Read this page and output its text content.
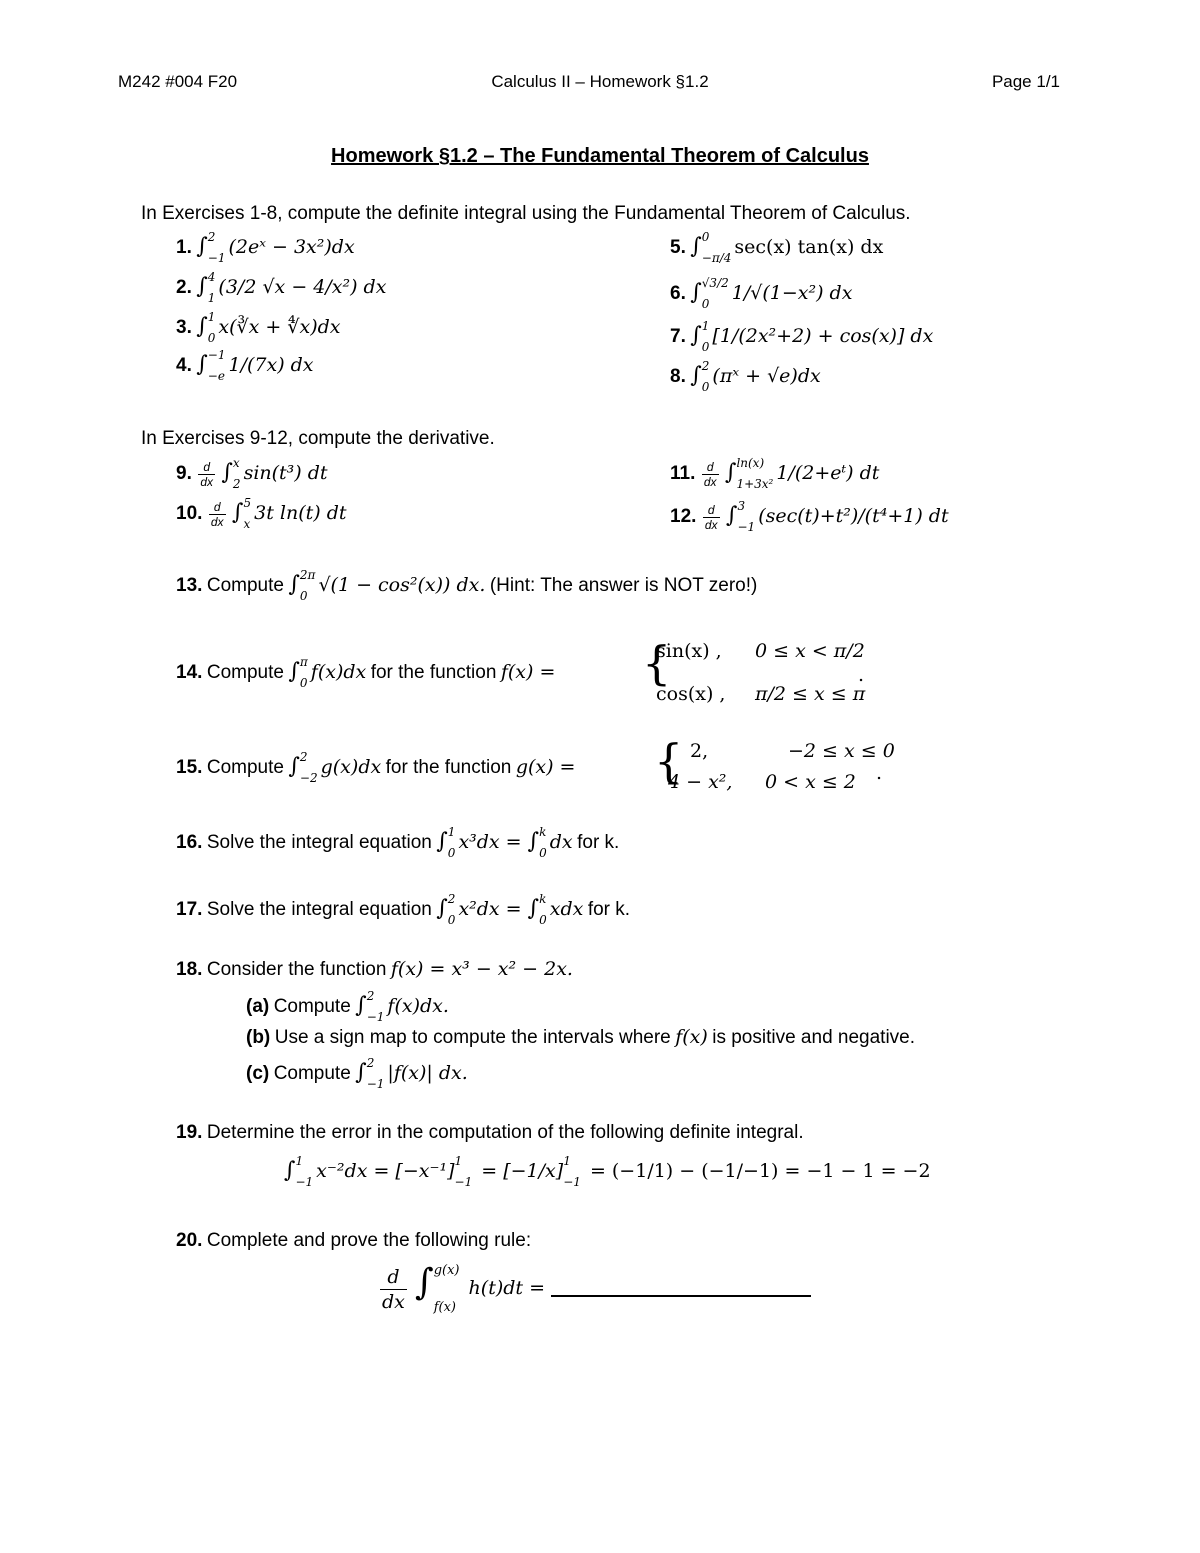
M242 #004 F20	Calculus II – Homework §1.2	Page 1/1
Homework §1.2 – The Fundamental Theorem of Calculus
In Exercises 1-8, compute the definite integral using the Fundamental Theorem of Calculus.
1. ∫ 2
−1 (2eˣ − 3x²)dx
2. ∫ 4
1 (3/2 √x − 4/x²) dx
3. ∫ 1
0 x(∛x + ∜x)dx
4. ∫ −1
−e 1/(7x) dx
5. ∫ 0
−π/4 sec(x) tan(x) dx
6. ∫ √3/2
0	1/√(1−x²) dx
7. ∫ 1
0 [1/(2x²+2) + cos(x)] dx
8. ∫ 2
0 (πˣ + √e)dx
In Exercises 9-12, compute the derivative.
9. $\frac{d}{dx}$ ∫ x
2 sin(t³) dt
10. $\frac{d}{dx}$ ∫ 5
x 3t ln(t) dt
11. $\frac{d}{dx}$ ∫ ln(x)
1+3x² 1/(2+eᵗ) dt
12. $\frac{d}{dx}$ ∫ 3
−1 (sec(t)+t²)/(t⁴+1) dt
13. Compute ∫ 2π
0 √(1 − cos²(x)) dx. (Hint: The answer is NOT zero!)
14. Compute ∫ π
0 f(x)dx for the function f(x) = {
sin(x) , 0 ≤ x < π/2
cos(x) , π/2 ≤ x ≤ π
.
15. Compute ∫ 2
−2 g(x)dx for the function g(x) = { 2,	−2 ≤ x ≤ 0
4 − x², 0 < x ≤ 2 .
16. Solve the integral equation ∫ 1
0 x³dx = ∫ k
0 dx for k.
17. Solve the integral equation ∫ 2
0 x²dx = ∫ k
0 xdx for k.
18. Consider the function f(x) = x³ − x² − 2x.
(a) Compute ∫ 2
−1 f(x)dx.
(b) Use a sign map to compute the intervals where f(x) is positive and negative.
(c) Compute ∫ 2
−1 |f(x)| dx.
19. Determine the error in the computation of the following definite integral.
∫ 1
−1 x⁻²dx = [−x⁻¹] 1
−1 = [−1/x] 1
−1 = (−1/1) − (−1/−1) = −1 − 1 = −2
20. Complete and prove the following rule:
$\frac{d}{dx}$ ∫ g(x)
f(x)
h(t)dt =
